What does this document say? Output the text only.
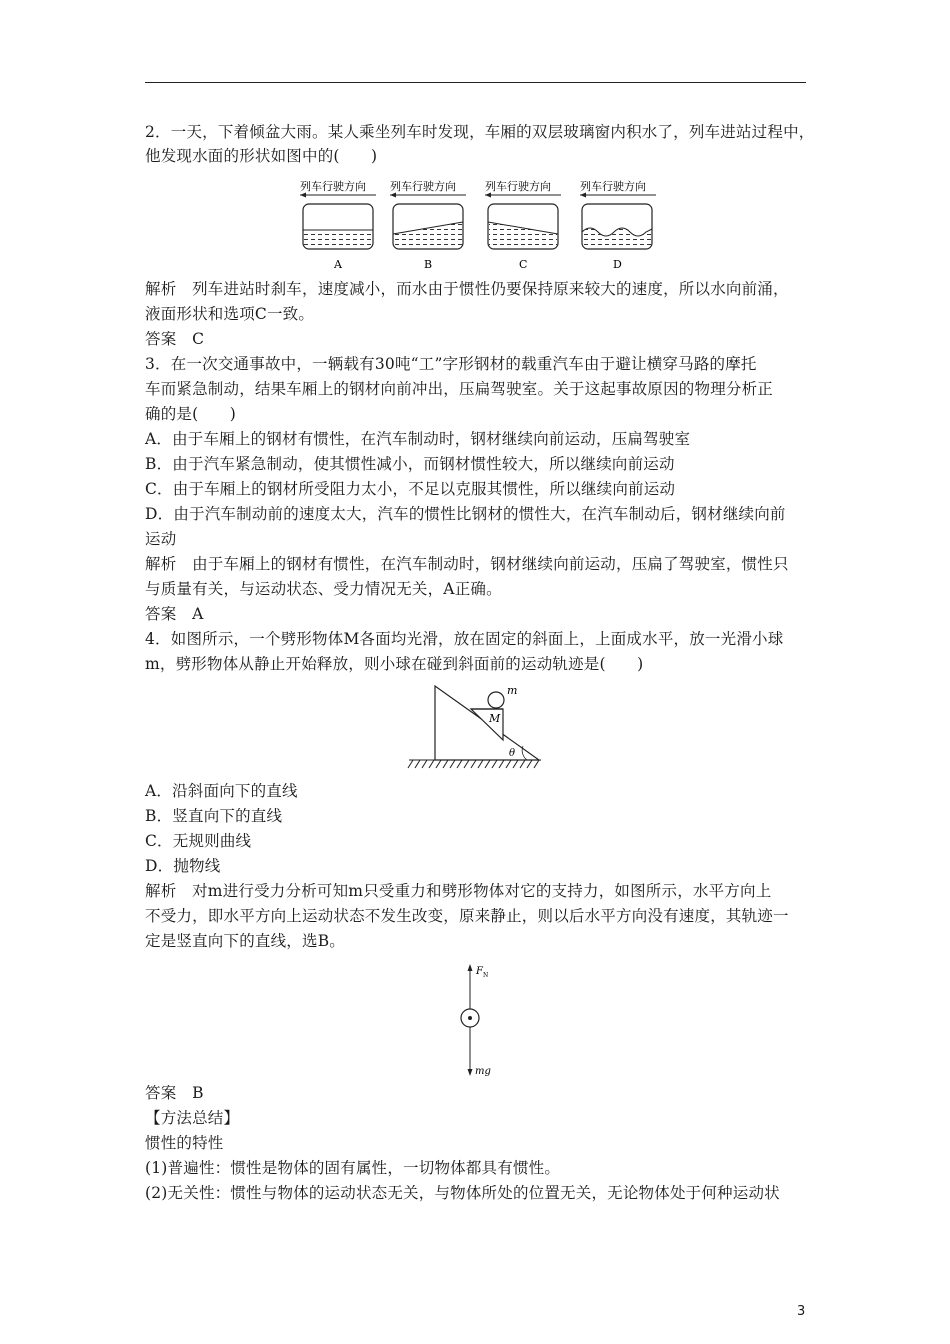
2．一天，下着倾盆大雨。某人乘坐列车时发现，车厢的双层玻璃窗内积水了，列车进站过程中，
他发现水面的形状如图中的(　　)
列车行驶方向
A
列车行驶方向
B
列车行驶方向
C
列车行驶方向
D
解析　列车进站时刹车，速度减小，而水由于惯性仍要保持原来较大的速度，所以水向前涌，
液面形状和选项C一致。
答案　C
3．在一次交通事故中，一辆载有30吨“工”字形钢材的载重汽车由于避让横穿马路的摩托
车而紧急制动，结果车厢上的钢材向前冲出，压扁驾驶室。关于这起事故原因的物理分析正
确的是(　　)
A．由于车厢上的钢材有惯性，在汽车制动时，钢材继续向前运动，压扁驾驶室
B．由于汽车紧急制动，使其惯性减小，而钢材惯性较大，所以继续向前运动
C．由于车厢上的钢材所受阻力太小，不足以克服其惯性，所以继续向前运动
D．由于汽车制动前的速度太大，汽车的惯性比钢材的惯性大，在汽车制动后，钢材继续向前
运动
解析　由于车厢上的钢材有惯性，在汽车制动时，钢材继续向前运动，压扁了驾驶室，惯性只
与质量有关，与运动状态、受力情况无关，A正确。
答案　A
4．如图所示，一个劈形物体M各面均光滑，放在固定的斜面上，上面成水平，放一光滑小球
m，劈形物体从静止开始释放，则小球在碰到斜面前的运动轨迹是(　　)
m
M
θ
A．沿斜面向下的直线
B．竖直向下的直线
C．无规则曲线
D．抛物线
解析　对m进行受力分析可知m只受重力和劈形物体对它的支持力，如图所示，水平方向上
不受力，即水平方向上运动状态不发生改变，原来静止，则以后水平方向没有速度，其轨迹一
定是竖直向下的直线，选B。
F N
mg
答案　B
【方法总结】
惯性的特性
(1)普遍性：惯性是物体的固有属性，一切物体都具有惯性。
(2)无关性：惯性与物体的运动状态无关，与物体所处的位置无关，无论物体处于何种运动状
3
